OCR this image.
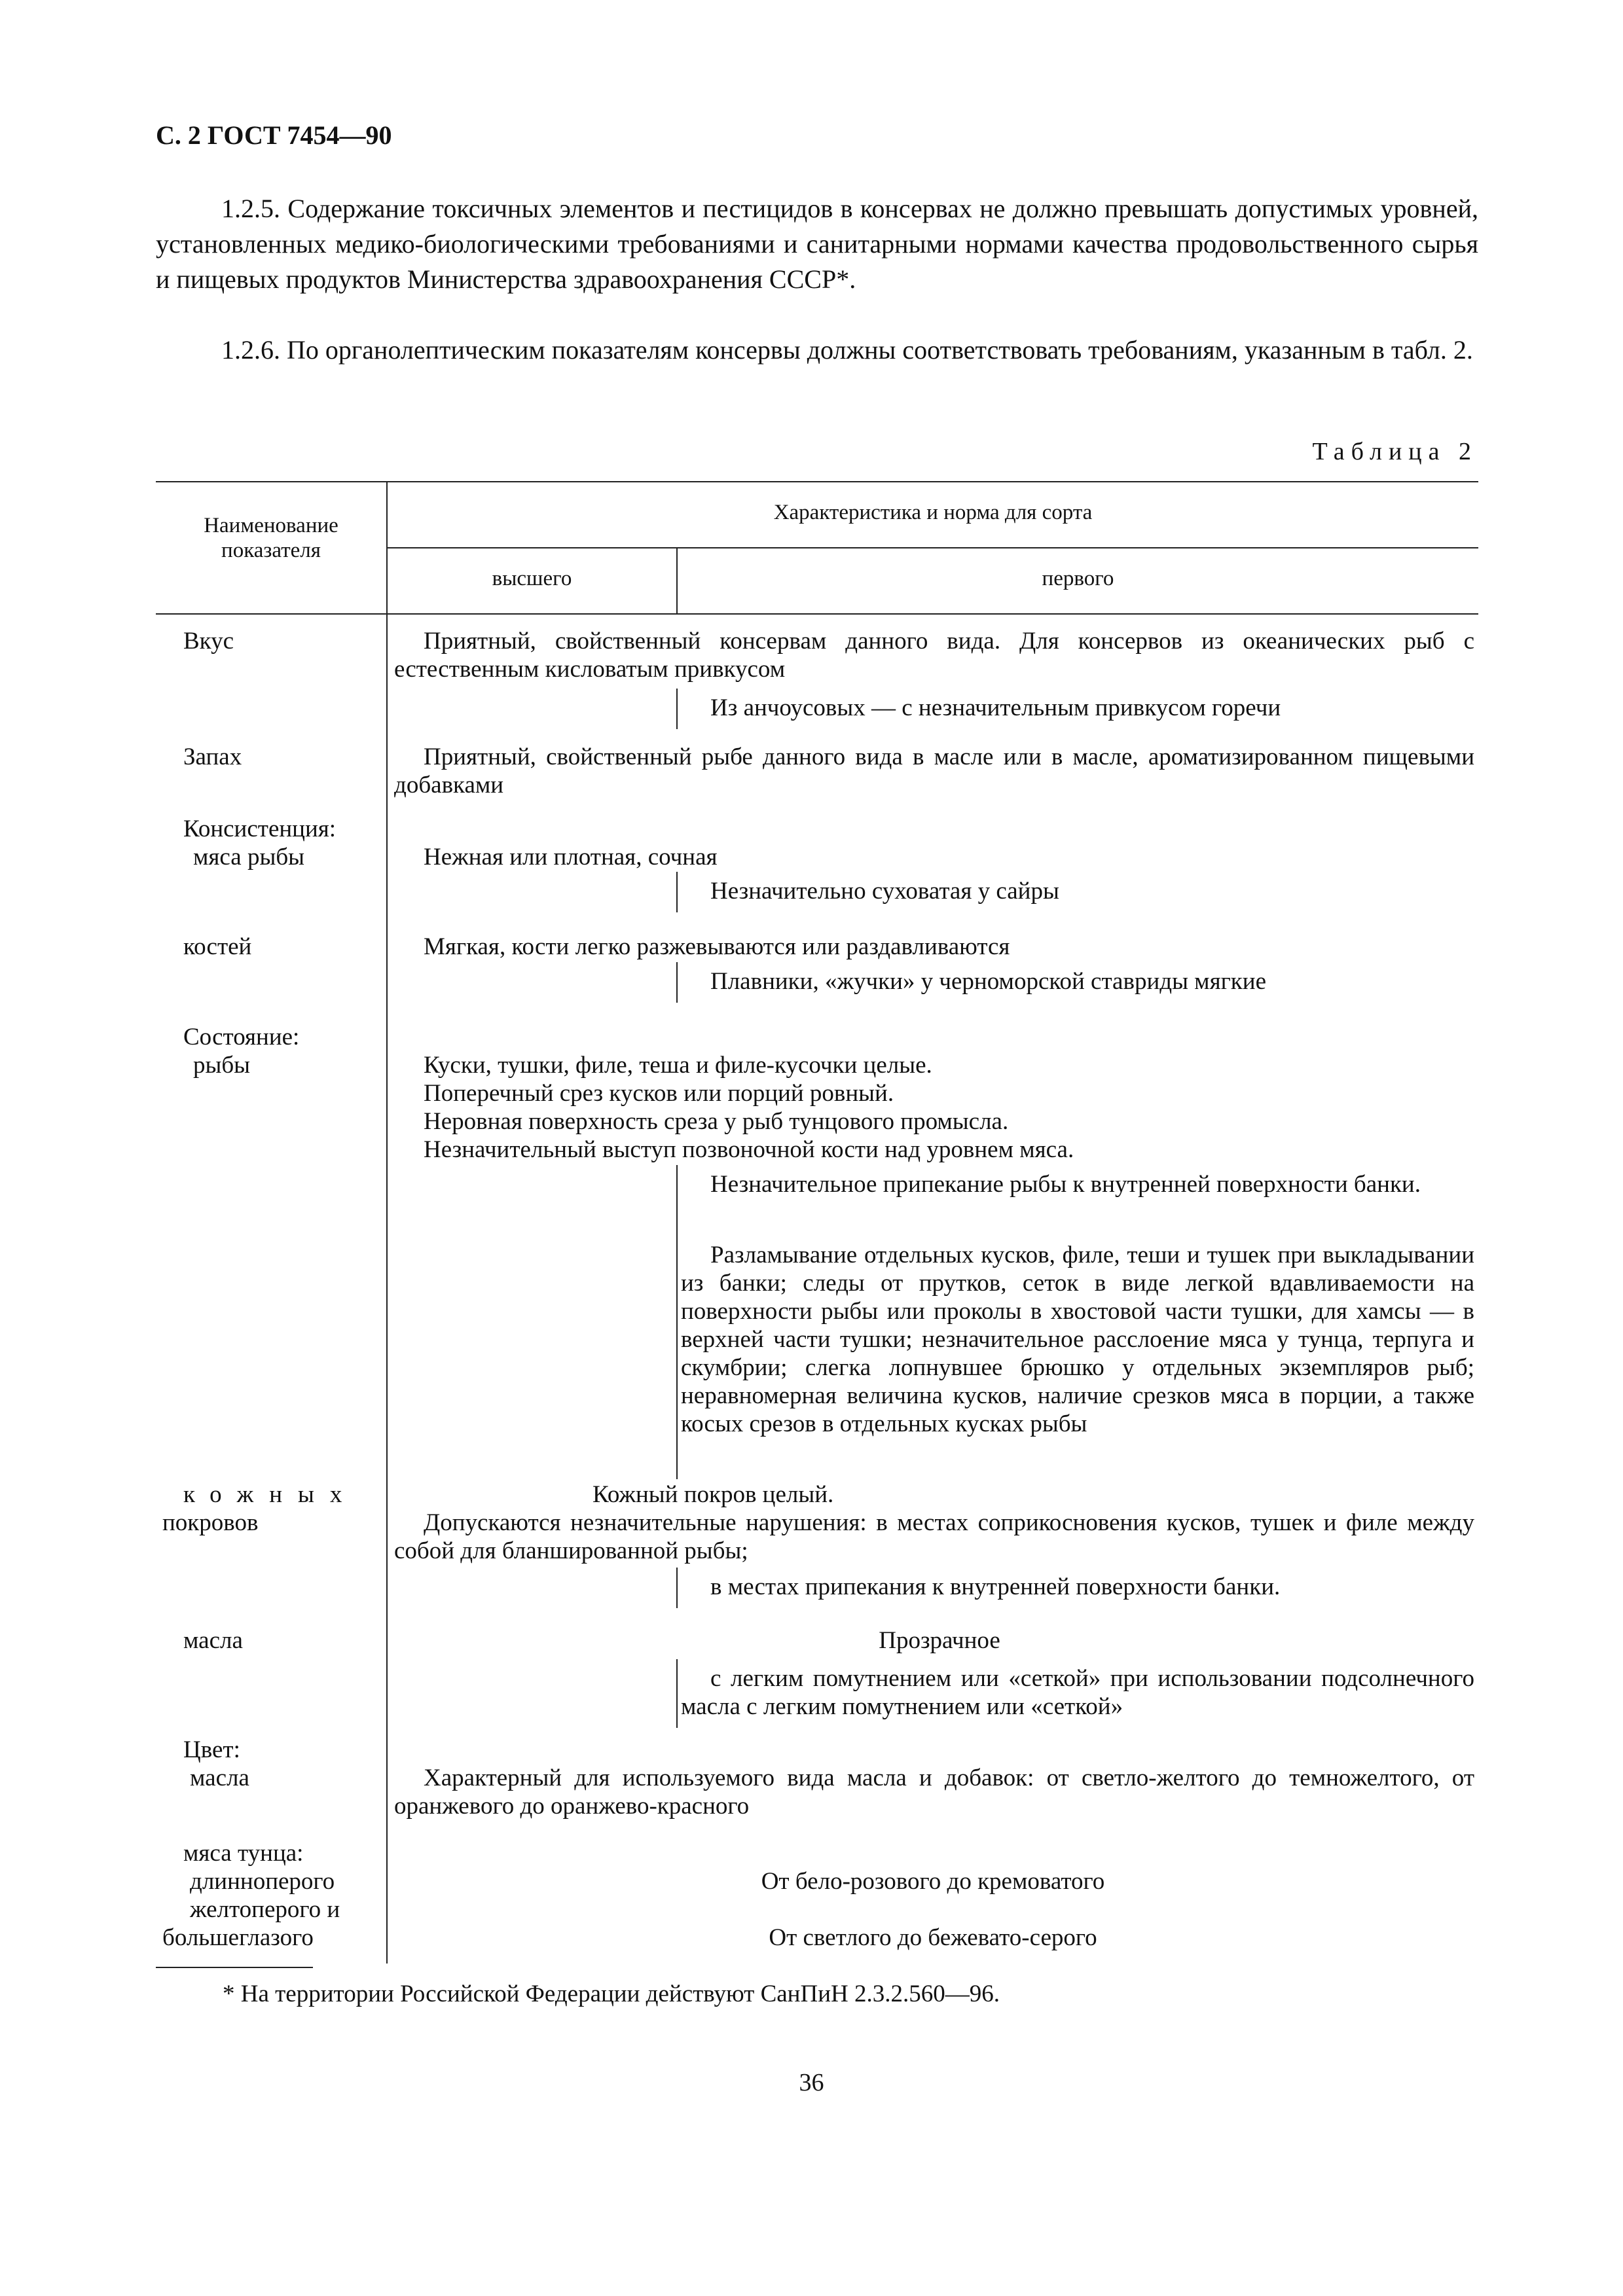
С. 2 ГОСТ 7454—90
1.2.5. Содержание токсичных элементов и пестицидов в консервах не должно превышать допустимых уровней, установленных медико-биологическими требованиями и санитарными нормами качества продовольственного сырья и пищевых продуктов Министерства здравоохранения СССР*.
1.2.6. По органолептическим показателям консервы должны соответствовать требованиям, указанным в табл. 2.
Таблица 2
Наименование показателя
Характеристика и норма для сорта
высшего	первого
Вкус
Запах
Консистенция:
мяса рыбы
костей
Состояние:
рыбы
кожных
покровов
масла
Цвет:
масла
мяса тунца:
длинноперого
желтоперого и
большеглазого
Приятный, свойственный консервам данного вида. Для консервов из океанических рыб с естественным кисловатым привкусом
Приятный, свойственный рыбе данного вида в масле или в масле, ароматизированном пищевыми добавками
Нежная или плотная, сочная
Мягкая, кости легко разжевываются или раздавливаются
Куски, тушки, филе, теша и филе-кусочки целые.
Поперечный срез кусков или порций ровный.
Неровная поверхность среза у рыб тунцового промысла.
Незначительный выступ позвоночной кости над уровнем мяса.
Кожный покров целый.
Допускаются незначительные нарушения: в местах соприкосновения кусков, тушек и филе между собой для бланшированной рыбы;
Прозрачное
Характерный для используемого вида масла и добавок: от светло-желтого до темножелтого, от оранжевого до оранжево-красного
От бело-розового до кремоватого
От светлого до бежевато-серого
Из анчоусовых — с незначительным привкусом горечи
Незначительно суховатая у сайры
Плавники, «жучки» у черноморской ставриды мягкие
Незначительное припекание рыбы к внутренней поверхности банки.
Разламывание отдельных кусков, филе, теши и тушек при выкладывании из банки; следы от прутков, сеток в виде легкой вдавливаемости на поверхности рыбы или проколы в хвостовой части тушки, для хамсы — в верхней части тушки; незначительное расслоение мяса у тунца, терпуга и скумбрии; слегка лопнувшее брюшко у отдельных экземпляров рыб; неравномерная величина кусков, наличие срезков мяса в порции, а также косых срезов в отдельных кусках рыбы
в местах припекания к внутренней поверхности банки.
с легким помутнением или «сеткой» при использовании подсолнечного масла с легким помутнением или «сеткой»
* На территории Российской Федерации действуют СанПиН 2.3.2.560—96.
36
